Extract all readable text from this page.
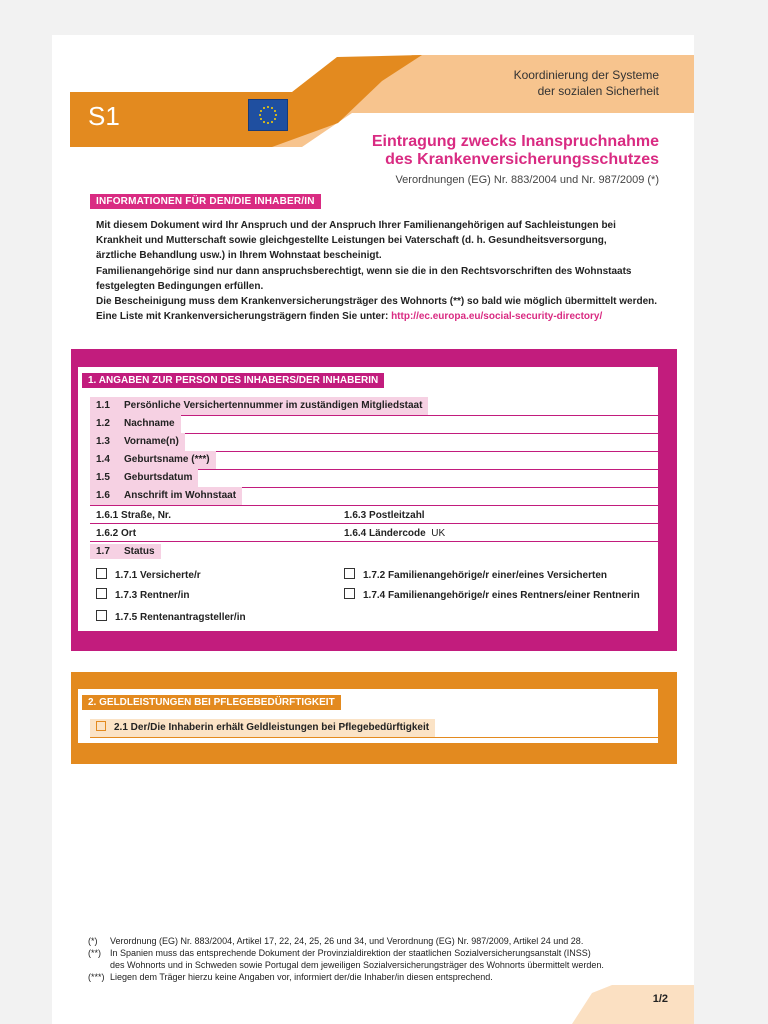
Koordinierung der Systeme
der sozialen Sicherheit
S1
Eintragung zwecks Inanspruchnahme
des Krankenversicherungsschutzes
Verordnungen (EG) Nr. 883/2004 und Nr. 987/2009 (*)
INFORMATIONEN FÜR DEN/DIE INHABER/IN

Mit diesem Dokument wird Ihr Anspruch und der Anspruch Ihrer Familienangehörigen auf Sachleistungen bei

Krankheit und Mutterschaft sowie gleichgestellte Leistungen bei Vaterschaft (d. h. Gesundheitsversorgung,

ärztliche Behandlung usw.) in Ihrem Wohnstaat bescheinigt.

Familienangehörige sind nur dann anspruchsberechtigt, wenn sie die in den Rechtsvorschriften des Wohnstaats

festgelegten Bedingungen erfüllen.

Die Bescheinigung muss dem Krankenversicherungsträger des Wohnorts (**) so bald wie möglich übermittelt werden.

Eine Liste mit Krankenversicherungsträgern finden Sie unter: http://ec.europa.eu/social-security-directory/

1. ANGABEN ZUR PERSON DES INHABERS/DER INHABERIN
1.1 Persönliche Versichertennummer im zuständigen Mitgliedstaat
1.2 Nachname
1.3 Vorname(n)
1.4 Geburtsname (***)
1.5 Geburtsdatum
1.6 Anschrift im Wohnstaat
1.6.1 Straße, Nr.	1.6.3 Postleitzahl
1.6.2 Ort	1.6.4 Ländercode UK
1.7 Status
1.7.1 Versicherte/r	1.7.2 Familienangehörige/r einer/eines Versicherten
1.7.3 Rentner/in	1.7.4 Familienangehörige/r eines Rentners/einer Rentnerin
1.7.5 Rentenantragsteller/in
2. GELDLEISTUNGEN BEI PFLEGEBEDÜRFTIGKEIT
2.1 Der/Die Inhaberin erhält Geldleistungen bei Pflegebedürftigkeit
(*)	Verordnung (EG) Nr. 883/2004, Artikel 17, 22, 24, 25, 26 und 34, und Verordnung (EG) Nr. 987/2009, Artikel 24 und 28.
(**)	In Spanien muss das entsprechende Dokument der Provinzialdirektion der staatlichen Sozialversicherungsanstalt (INSS)
des Wohnorts und in Schweden sowie Portugal dem jeweiligen Sozialversicherungsträger des Wohnorts übermittelt werden.
(***) Liegen dem Träger hierzu keine Angaben vor, informiert der/die Inhaber/in diesen entsprechend.
1/2
